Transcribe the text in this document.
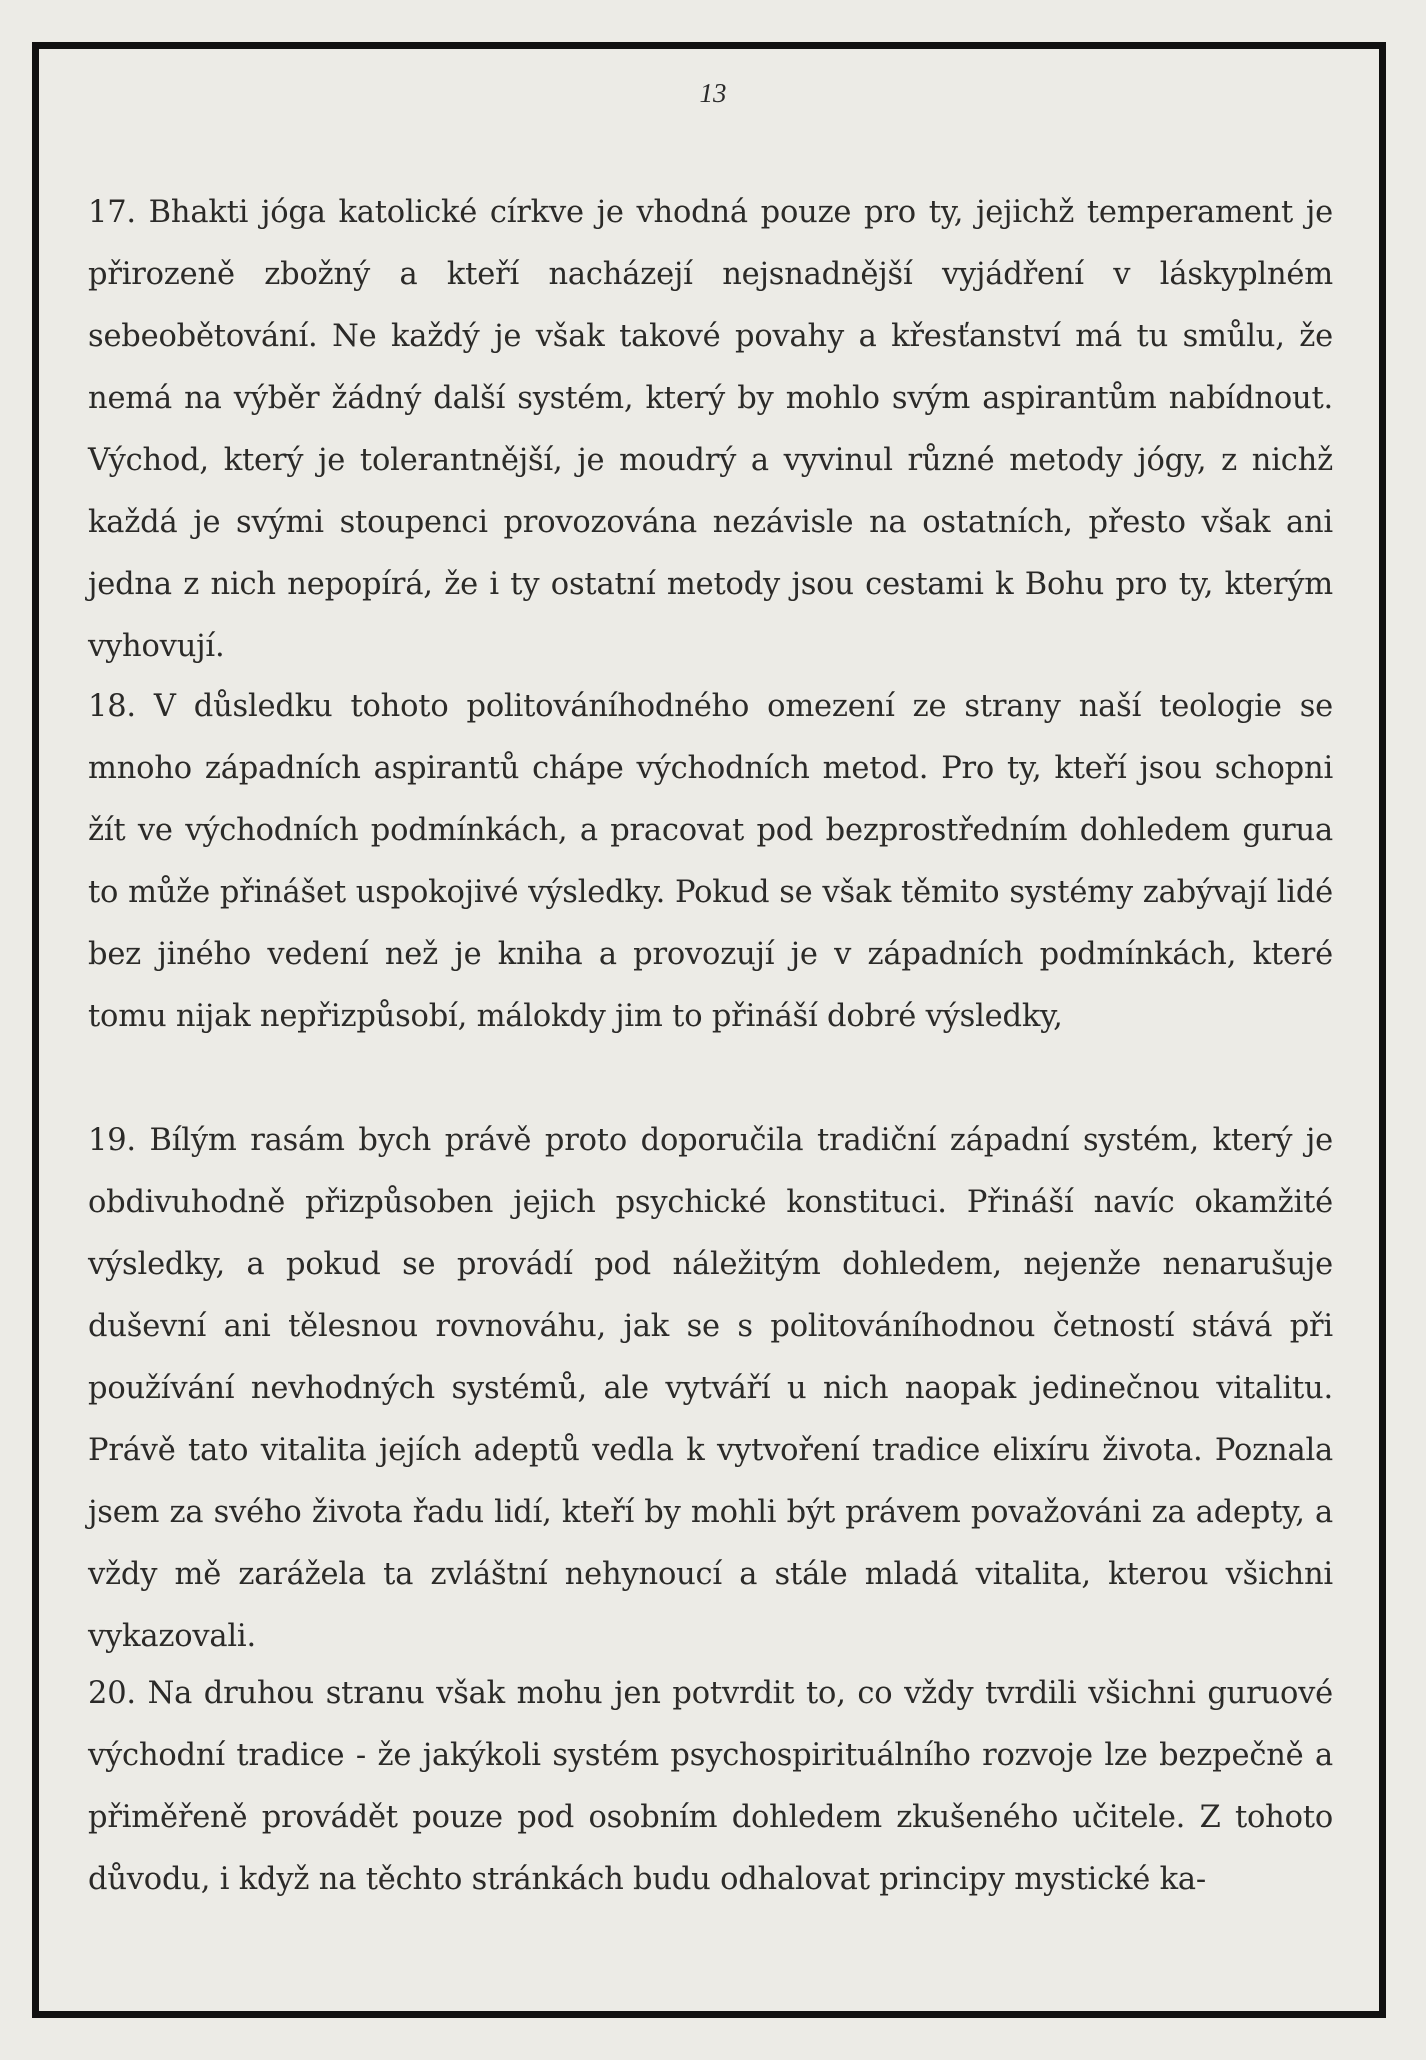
13

17. Bhakti jóga katolické církve je vhodná pouze pro ty, jejichž temperament je přirozeně zbožný a kteří nacházejí nejsnadnější vyjádření v láskyplném sebeobětování. Ne každý je však takové povahy a křesťanství má tu smůlu, že nemá na výběr žádný další systém, který by mohlo svým aspirantům nabídnout. Východ, který je tolerantnější, je moudrý a vyvinul různé metody jógy, z nichž každá je svými stoupenci provozována nezávisle na ostatních, přesto však ani jedna z nich nepopírá, že i ty ostatní metody jsou cestami k Bohu pro ty, kterým vyhovují.

18. V důsledku tohoto politováníhodného omezení ze strany naší teologie se mnoho západních aspirantů chápe východních metod. Pro ty, kteří jsou schopni žít ve východních podmínkách, a pracovat pod bezprostředním dohledem gurua to může přinášet uspokojivé výsledky. Pokud se však těmito systémy zabývají lidé bez jiného vedení než je kniha a provozují je v západních podmínkách, které tomu nijak nepřizpůsobí, málokdy jim to přináší dobré výsledky,

19. Bílým rasám bych právě proto doporučila tradiční západní systém, který je obdivuhodně přizpůsoben jejich psychické konstituci. Přináší navíc okamžité výsledky, a pokud se provádí pod náležitým dohledem, nejenže nenarušuje duševní ani tělesnou rovnováhu, jak se s politováníhodnou četností stává při používání nevhodných systémů, ale vytváří u nich naopak jedinečnou vitalitu. Právě tato vitalita jejích adeptů vedla k vytvoření tradice elixíru života. Poznala jsem za svého života řadu lidí, kteří by mohli být právem považováni za adepty, a vždy mě zarážela ta zvláštní nehynoucí a stále mladá vitalita, kterou všichni vykazovali.

20. Na druhou stranu však mohu jen potvrdit to, co vždy tvrdili všichni guruové východní tradice - že jakýkoli systém psychospirituálního rozvoje lze bezpečně a přiměřeně provádět pouze pod osobním dohledem zkušeného učitele. Z tohoto důvodu, i když na těchto stránkách budu odhalovat principy mystické ka-
